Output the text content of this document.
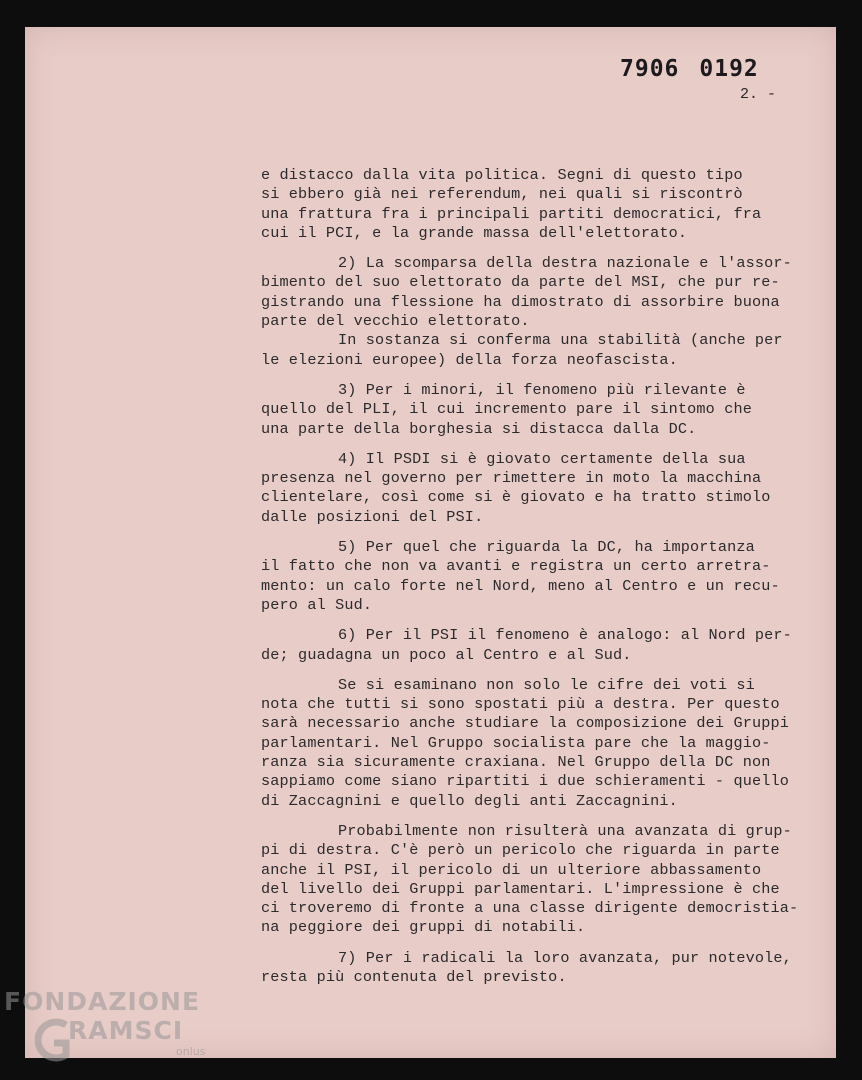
7906 0192
2. -
e distacco dalla vita politica. Segni di questo tipo
si ebbero già nei referendum, nei quali si riscontrò
una frattura fra i principali partiti democratici, fra
cui il PCI, e la grande massa dell'elettorato.
2) La scomparsa della destra nazionale e l'assor-
bimento del suo elettorato da parte del MSI, che pur re-
gistrando una flessione ha dimostrato di assorbire buona
parte del vecchio elettorato.
In sostanza si conferma una stabilità (anche per
le elezioni europee) della forza neofascista.
3) Per i minori, il fenomeno più rilevante è
quello del PLI, il cui incremento pare il sintomo che
una parte della borghesia si distacca dalla DC.
4) Il PSDI si è giovato certamente della sua
presenza nel governo per rimettere in moto la macchina
clientelare, così come si è giovato e ha tratto stimolo
dalle posizioni del PSI.
5) Per quel che riguarda la DC, ha importanza
il fatto che non va avanti e registra un certo arretra-
mento: un calo forte nel Nord, meno al Centro e un recu-
pero al Sud.
6) Per il PSI il fenomeno è analogo: al Nord per-
de; guadagna un poco al Centro e al Sud.
Se si esaminano non solo le cifre dei voti si
nota che tutti si sono spostati più a destra. Per questo
sarà necessario anche studiare la composizione dei Gruppi
parlamentari. Nel Gruppo socialista pare che la maggio-
ranza sia sicuramente craxiana. Nel Gruppo della DC non
sappiamo come siano ripartiti i due schieramenti - quello
di Zaccagnini e quello degli anti Zaccagnini.
Probabilmente non risulterà una avanzata di grup-
pi di destra. C'è però un pericolo che riguarda in parte
anche il PSI, il pericolo di un ulteriore abbassamento
del livello dei Gruppi parlamentari. L'impressione è che
ci troveremo di fronte a una classe dirigente democristia-
na peggiore dei gruppi di notabili.
7) Per i radicali la loro avanzata, pur notevole,
resta più contenuta del previsto.
FONDAZIONE
RAMSCI
onlus
